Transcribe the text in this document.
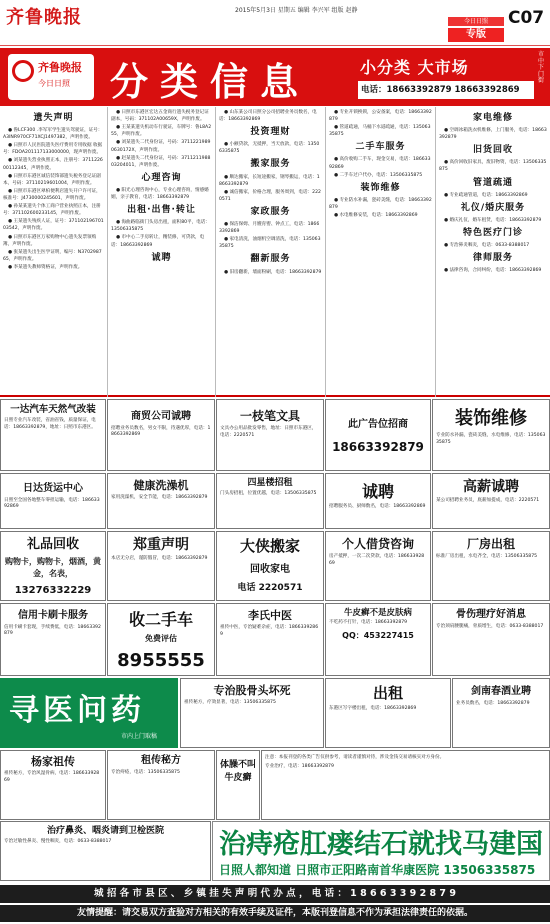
齐鲁晚报	2015年5月3日 星期五 编辑 李兴军 组版 赵静
今日日照	C07
专版
齐鲁晚报
今日日照 分类信息	小分类 大市场
电话：18663392879 18663392869
市中下门街
遗失声明
● 鲁LCF300 .李军军学生遗失驾驶证，证号：A3INR970CF71XCJ1497382，声明作废。
● 日照市人民医院遗失医疗费用专用收据 收据号：FDOA201117133000000，现声明作废。
● 刘某遗失营业执照正本，注册号：371122600112345，声明作废。
● 日照市东港区诚信装饰部遗失税务登记证副本，号码：37110219601004，声明作废。
● 日照市东港区翠柏便利店遗失开户许可证，核准号：J4730000245601，声明作废。
● 孙某某遗失个体工商户营业执照正本，注册号：371102600233145，声明作废。
● 王某遗失残疾人证，证号：37110219670103542，声明作废。
● 日照市东港区万家购物中心遗失发票领购簿，声明作废。
● 张某遗失出生医学证明，编号：N370298765，声明作废。
● 李某遗失教师资格证，声明作废。
● 日照市东港区宏达五金商行遗失税务登记证副本，号码：371102A00659X，声明作废。
● 王某某遗失机动车行驶证，车牌号：鲁L8A255，声明作废。
● 刘某遗失二代身份证，号码：37112219890630172X，声明作废。
● 赵某遗失二代身份证，号码：371121198803204011，声明作废。
心理咨询
● 阳光心理咨询中心，专业心理咨询，情感婚姻，亲子教育，电话：18663392879
出租·出售·转让
● 海曲路临街门头房出租，面积80平，电话：13506335875
● 市中心二手房转让，精装修，可贷款，电话：18663392869
诚聘
● 山东某公司日照分公司招聘业务员数名，电话：18663392869
投资理财
● 小额贷款，无抵押，当天放款，电话：13506335875
搬家服务
● 顺达搬家，长短途搬家，钢琴搬运，电话：18663392879
● 诚信搬家，价格合理，服务周到，电话：2220571
家政服务
● 保洁保姆、月嫂育婴、钟点工，电话：18663392869
● 家电清洗，油烟机空调清洗，电话：13506335875
翻新服务
● 旧房翻新，墙面粉刷，电话：18663392879
● 专业开锁换锁，公安备案，电话：18663392879
● 管道疏通，马桶下水道疏通，电话：13506335875
二手车服务
● 高价收购二手车，现金交易，电话：18663392869
● 二手车过户代办，电话：13506335875
装饰维修
● 专业防水补漏，瓷砖美缝，电话：18663392879
● 水电维修安装，电话：18663392869
家电维修
● 空调冰箱洗衣机维修，上门服务，电话：18663392879
旧货回收
● 高价回收旧家具，废旧物资，电话：13506335875
管道疏通
● 专业疏通管道，电话：18663392869
礼仪/婚庆服务
● 婚庆礼仪，婚车租赁，电话：18663392879
特色医疗门诊
● 专治鼻炎咽炎，电话：0633-8388017
律师服务
● 法律咨询，合同纠纷，电话：18663392869
一达汽车天然气改装
日照专业汽车改装，省油省钱，质量保证，电话：18663392879，地址：日照市东港区。
商贸公司诚聘
招聘业务员数名，男女不限，待遇优厚，电话：18663392869
一枝笔文具
文具办公用品批发零售，地址：日照市东港区，电话：2220571
此广告位招商
18663392879
装饰维修
专业防水补漏，瓷砖美缝，水电维修，电话：13506335875
日达货运中心
日照至全国各地整车零担运输，电话：18663392869
健康洗澡机
家用洗澡机，安全节能，电话：18663392879
四星楼招租
门头房招租，位置优越，电话：13506335875	诚聘
招聘服务员、厨师数名，电话：18663392869
高薪诚聘
某公司招聘业务员，底薪加提成，电话：2220571
礼品回收
购物卡，购物卡，烟酒，黄金，名表，
13276332229
郑重声明
本店无分店，谨防假冒，电话：18663392879
大侠搬家
回收家电
电话 2220571
个人借贷咨询
房产抵押，一次二次贷款，电话：18663392869
厂房出租
标准厂房出租，水电齐全，电话：13506335875
信用卡刷卡服务
信用卡刷卡套现，手续费低，电话：18663392879
收二手车
免费评估
8955555
李氏中医
祖传中医，专治疑难杂症，电话：18663392869
牛皮癣不是皮肤病
不吃药不打针，电话：18663392879
QQ：453227415
骨伤理疗好消息
专治颈肩腰腿痛，骨质增生，电话：0633-8388017
寻医问药
市内上门取稿
专治股骨头坏死
祖传秘方，疗效显著，电话：13506335875
出租
东港区写字楼出租，电话：18663392869
剑南春酒业聘
业务员数名，电话：18663392879
杨家祖传
祖传秘方，专治风湿骨病，电话：18663392869
租传秘方
专治痔疮，电话：13506335875
体臊不叫牛皮癣
注意：本报刊登的各类广告仅供参考，请读者谨慎对待，涉及金钱交易请核实对方身份。
专业治疗，电话：18663392879
治疗鼻炎、咽炎请到卫检医院
专治过敏性鼻炎、慢性咽炎，电话：0633-8388017	治痔疮肛瘘结石就找马建国
日照人都知道 日照市正阳路南首华康医院 13506335875
城 招 各 市 县 区 、 乡 镇 挂 失 声 明 代 办 点 ， 电 话 ： 1 8 6 6 3 3 9 2 8 7 9
友情提醒：请交易双方查验对方相关的有效手续及证件，本版刊登信息不作为承担法律责任的依据。
